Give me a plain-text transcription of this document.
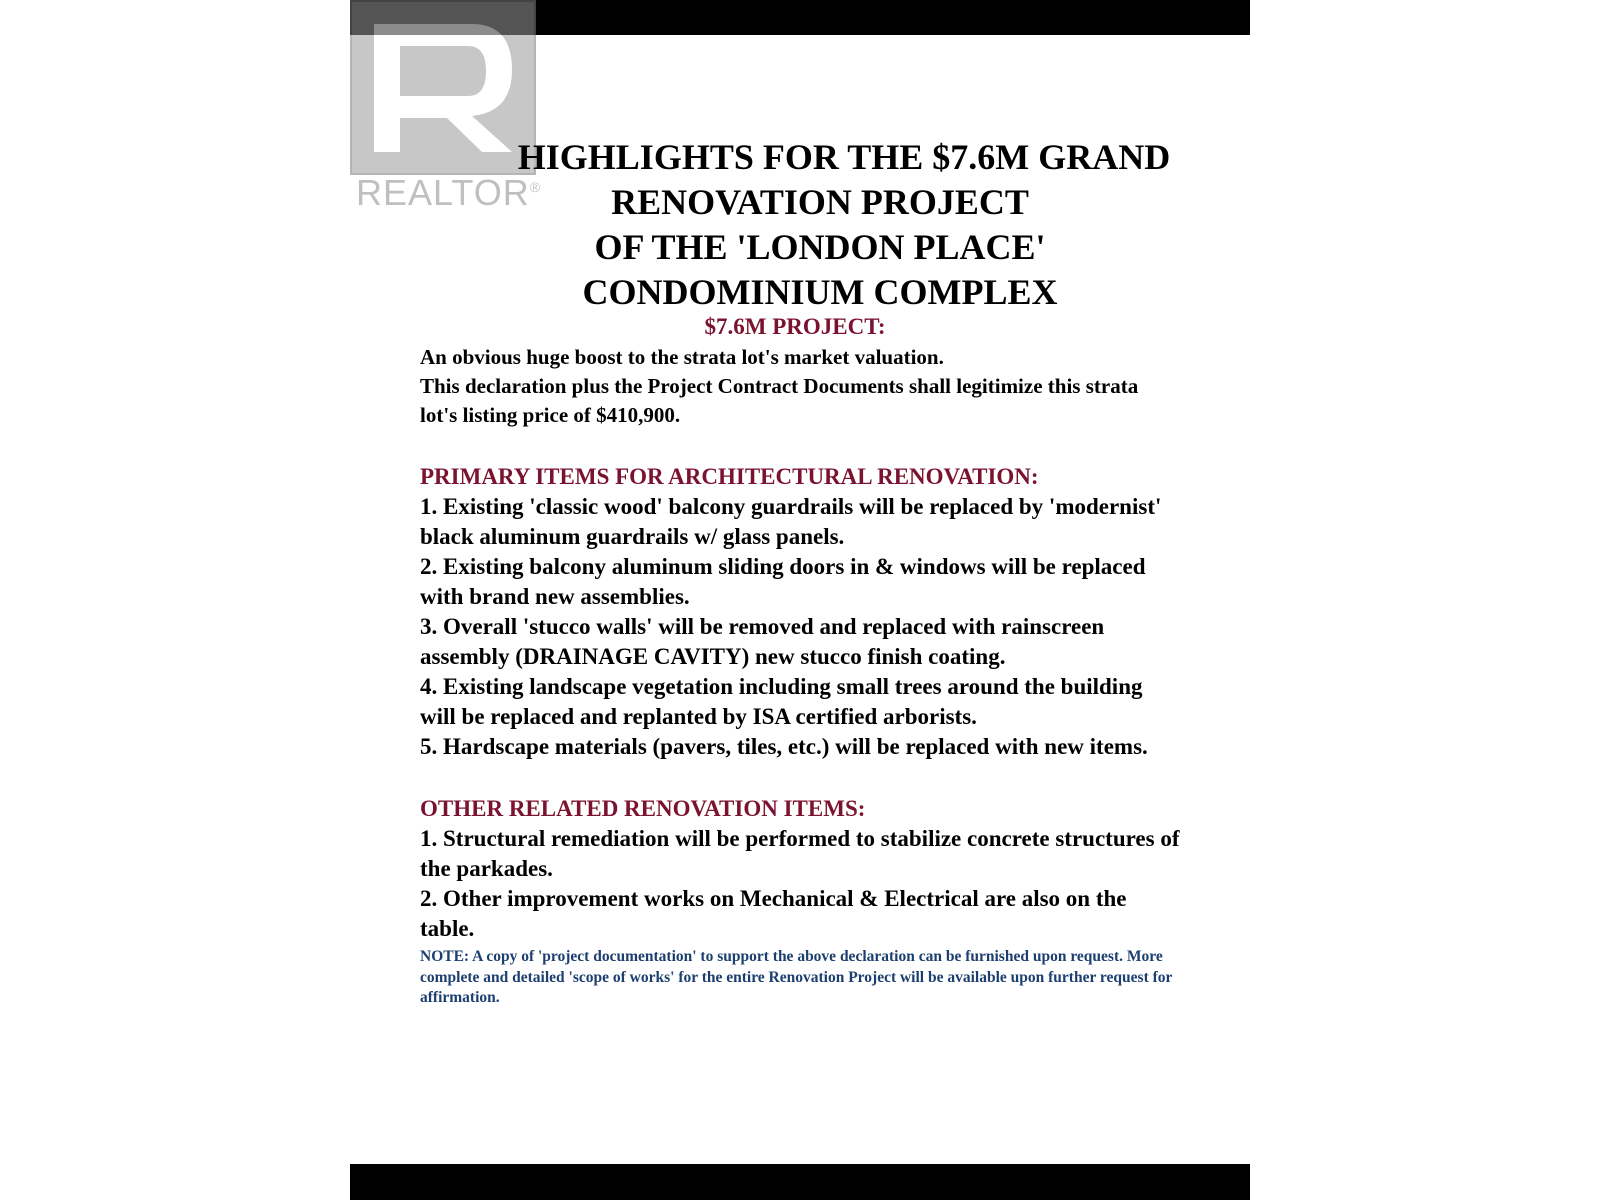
REALTOR®
HIGHLIGHTS FOR THE $7.6M GRAND
RENOVATION PROJECT
OF THE 'LONDON PLACE'
CONDOMINIUM COMPLEX
$7.6M PROJECT:

An obvious huge boost to the strata lot's market valuation.

This declaration plus the Project Contract Documents shall legitimize this strata lot's listing price of $410,900.

PRIMARY ITEMS FOR ARCHITECTURAL RENOVATION:

1. Existing 'classic wood' balcony guardrails will be replaced by 'modernist' black aluminum guardrails w/ glass panels.

2. Existing balcony aluminum sliding doors in & windows will be replaced with brand new assemblies.

3. Overall 'stucco walls' will be removed and replaced with rainscreen assembly (DRAINAGE CAVITY) new stucco finish coating.

4. Existing landscape vegetation including small trees around the building will be replaced and replanted by ISA certified arborists.

5. Hardscape materials (pavers, tiles, etc.) will be replaced with new items.

OTHER RELATED RENOVATION ITEMS:

1. Structural remediation will be performed to stabilize concrete structures of the parkades.

2. Other improvement works on Mechanical & Electrical are also on the table.

NOTE: A copy of 'project documentation' to support the above declaration can be furnished upon request. More complete and detailed 'scope of works' for the entire Renovation Project will be available upon further request for affirmation.
